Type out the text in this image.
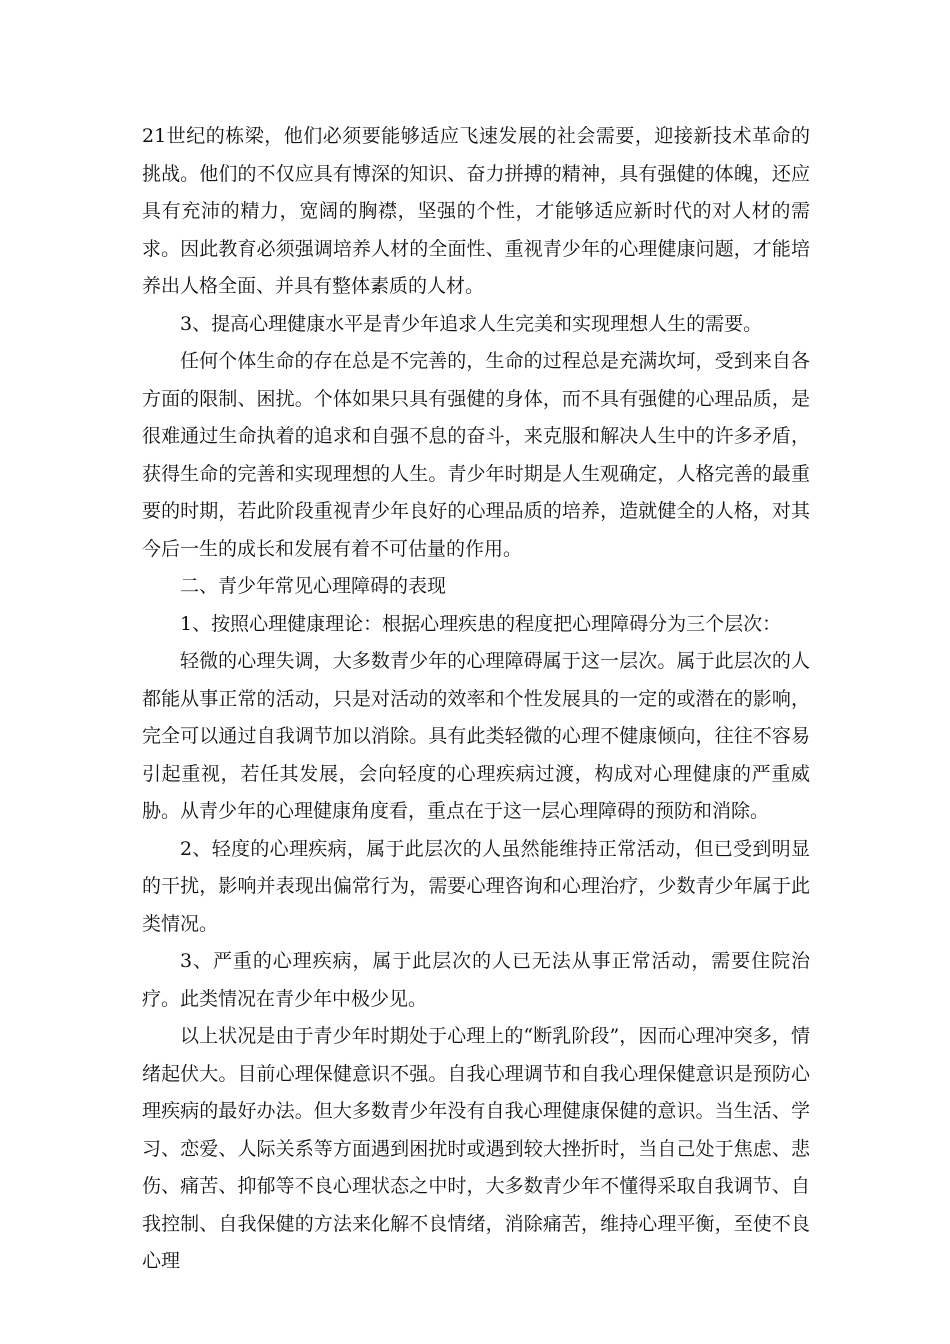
21世纪的栋梁，他们必须要能够适应飞速发展的社会需要，迎接新技术革命的挑战。他们的不仅应具有博深的知识、奋力拼搏的精神，具有强健的体魄，还应具有充沛的精力，宽阔的胸襟，坚强的个性，才能够适应新时代的对人材的需求。因此教育必须强调培养人材的全面性、重视青少年的心理健康问题，才能培养出人格全面、并具有整体素质的人材。

3、提高心理健康水平是青少年追求人生完美和实现理想人生的需要。

任何个体生命的存在总是不完善的，生命的过程总是充满坎坷，受到来自各方面的限制、困扰。个体如果只具有强健的身体，而不具有强健的心理品质，是很难通过生命执着的追求和自强不息的奋斗，来克服和解决人生中的许多矛盾，获得生命的完善和实现理想的人生。青少年时期是人生观确定，人格完善的最重要的时期，若此阶段重视青少年良好的心理品质的培养，造就健全的人格，对其今后一生的成长和发展有着不可估量的作用。

二、青少年常见心理障碍的表现

1、按照心理健康理论：根据心理疾患的程度把心理障碍分为三个层次：

轻微的心理失调，大多数青少年的心理障碍属于这一层次。属于此层次的人都能从事正常的活动，只是对活动的效率和个性发展具的一定的或潜在的影响，完全可以通过自我调节加以消除。具有此类轻微的心理不健康倾向，往往不容易引起重视，若任其发展，会向轻度的心理疾病过渡，构成对心理健康的严重威胁。从青少年的心理健康角度看，重点在于这一层心理障碍的预防和消除。

2、轻度的心理疾病，属于此层次的人虽然能维持正常活动，但已受到明显的干扰，影响并表现出偏常行为，需要心理咨询和心理治疗，少数青少年属于此类情况。

3、严重的心理疾病，属于此层次的人已无法从事正常活动，需要住院治疗。此类情况在青少年中极少见。

以上状况是由于青少年时期处于心理上的“断乳阶段”，因而心理冲突多，情绪起伏大。目前心理保健意识不强。自我心理调节和自我心理保健意识是预防心理疾病的最好办法。但大多数青少年没有自我心理健康保健的意识。当生活、学习、恋爱、人际关系等方面遇到困扰时或遇到较大挫折时，当自己处于焦虑、悲伤、痛苦、抑郁等不良心理状态之中时，大多数青少年不懂得采取自我调节、自我控制、自我保健的方法来化解不良情绪，消除痛苦，维持心理平衡，至使不良心理
